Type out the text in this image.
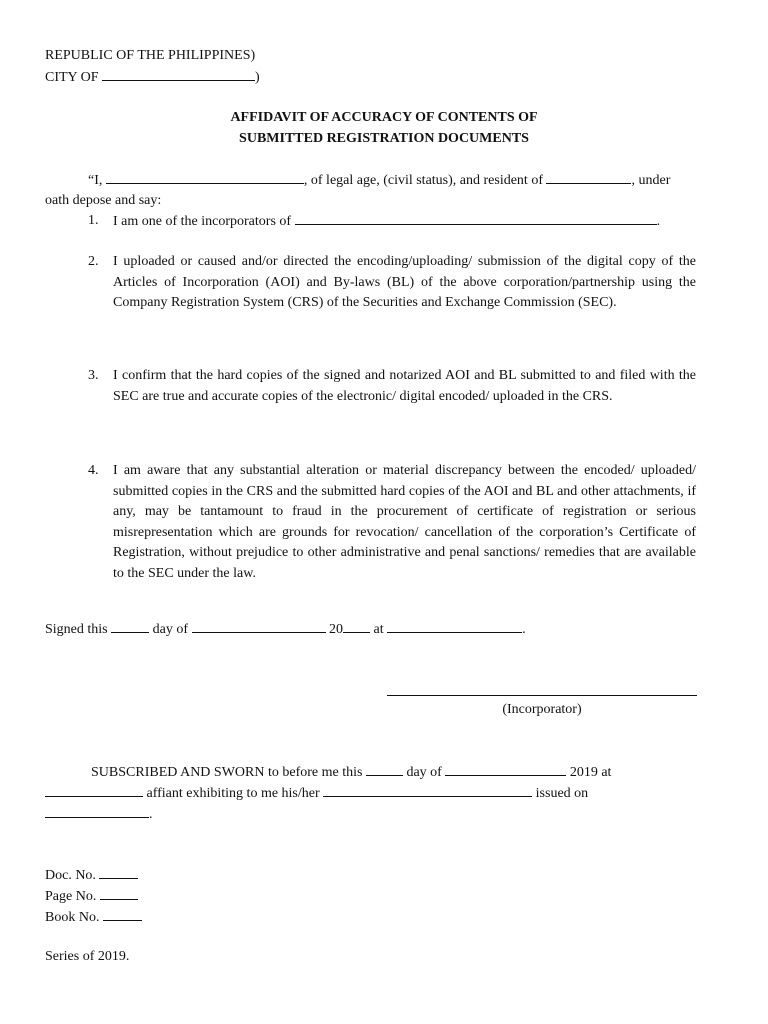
REPUBLIC OF THE PHILIPPINES)
CITY OF	)
AFFIDAVIT OF ACCURACY OF CONTENTS OF
SUBMITTED REGISTRATION DOCUMENTS
“I,	, of legal age, (civil status), and resident of	, under
oath depose and say:
1. I am one of the incorporators of	.
2. I uploaded or caused and/or directed the encoding/uploading/ submission of the digital copy of the Articles of Incorporation (AOI) and By-laws (BL) of the above corporation/partnership using the Company Registration System (CRS) of the Securities and Exchange Commission (SEC).
3. I confirm that the hard copies of the signed and notarized AOI and BL submitted to and filed with the SEC are true and accurate copies of the electronic/ digital encoded/ uploaded in the CRS.
4. I am aware that any substantial alteration or material discrepancy between the encoded/ uploaded/ submitted copies in the CRS and the submitted hard copies of the AOI and BL and other attachments, if any, may be tantamount to fraud in the procurement of certificate of registration or serious misrepresentation which are grounds for revocation/ cancellation of the corporation’s Certificate of Registration, without prejudice to other administrative and penal sanctions/ remedies that are available to the SEC under the law.
Signed this	day of	20 at	.
(Incorporator)
SUBSCRIBED AND SWORN to before me this	day of	2019 at
affiant exhibiting to me his/her	issued on
.
Doc. No.
Page No.
Book No.
Series of 2019.
